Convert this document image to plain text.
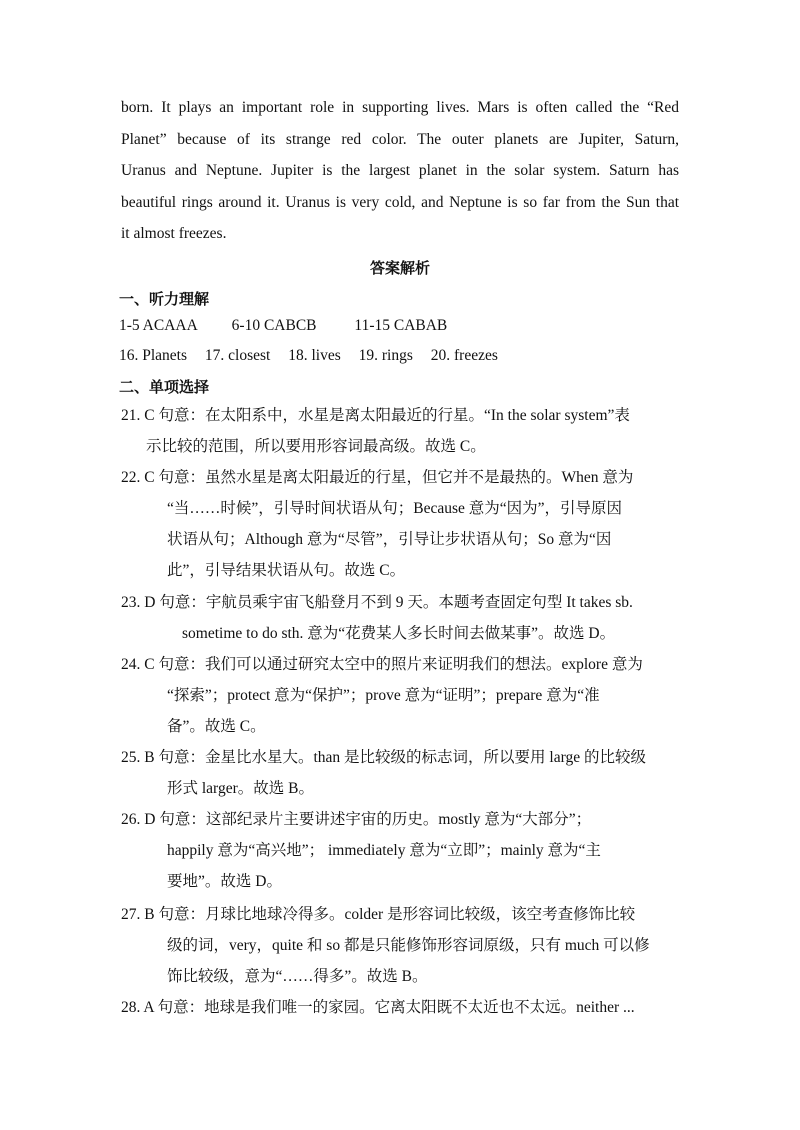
born. It plays an important role in supporting lives. Mars is often called the “Red
Planet” because of its strange red color. The outer planets are Jupiter, Saturn,
Uranus and Neptune. Jupiter is the largest planet in the solar system. Saturn has
beautiful rings around it. Uranus is very cold, and Neptune is so far from the Sun that
it almost freezes.
答案解析
一、听力理解
1-5 ACAAA 6-10 CABCB 11-15 CABAB
16. Planets 17. closest 18. lives 19. rings 20. freezes
二、单项选择
21. C 句意：在太阳系中，水星是离太阳最近的行星。“In the solar system”表
示比较的范围，所以要用形容词最高级。故选 C。
22. C 句意：虽然水星是离太阳最近的行星，但它并不是最热的。When 意为
“当……时候”，引导时间状语从句；Because 意为“因为”，引导原因
状语从句；Although 意为“尽管”，引导让步状语从句；So 意为“因
此”，引导结果状语从句。故选 C。
23. D 句意：宇航员乘宇宙飞船登月不到 9 天。本题考查固定句型 It takes sb.
sometime to do sth. 意为“花费某人多长时间去做某事”。故选 D。
24. C 句意：我们可以通过研究太空中的照片来证明我们的想法。explore 意为
“探索”；protect 意为“保护”；prove 意为“证明”；prepare 意为“准
备”。故选 C。
25. B 句意：金星比水星大。than 是比较级的标志词，所以要用 large 的比较级
形式 larger。故选 B。
26. D 句意：这部纪录片主要讲述宇宙的历史。mostly 意为“大部分”；
happily 意为“高兴地”； immediately 意为“立即”；mainly 意为“主
要地”。故选 D。
27. B 句意：月球比地球冷得多。colder 是形容词比较级，该空考查修饰比较
级的词，very，quite 和 so 都是只能修饰形容词原级，只有 much 可以修
饰比较级，意为“……得多”。故选 B。
28. A 句意：地球是我们唯一的家园。它离太阳既不太近也不太远。neither ...
